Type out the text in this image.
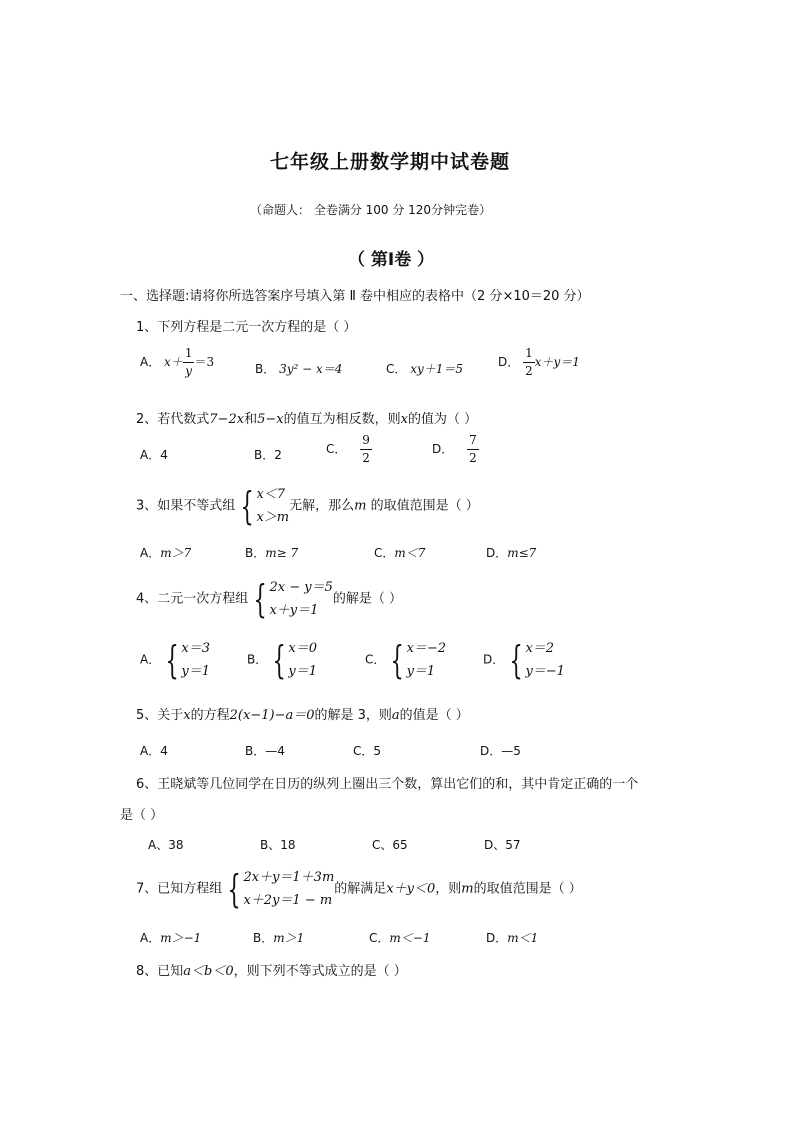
七年级上册数学期中试卷题
（命题人： 全卷满分 100 分 120分钟完卷）
（ 第Ⅰ卷 ）
一、选择题:请将你所选答案序号填入第 Ⅱ 卷中相应的表格中（2 分×10＝20 分）
1、下列方程是二元一次方程的是（ ）
A． $x+ \frac{1}{y} =3$	B． 3y² − x＝4	C． xy＋1＝5	D． $\frac{1}{2} x+y=1$
2、若代数式7−2x和5−x的值互为相反数，则x的值为（ ）
A．4	B．2	C． $\frac{9}{2}$	D． $\frac{7}{2}$
3、如果不等式组 { x＜7
x＞m
无解，那么m 的取值范围是（ ）
A．m＞7	B．m≥ 7	C．m＜7	D．m≤7
4、二元一次方程组 { 2x − y＝5
x＋y＝1
的解是（ ）
A． { x＝3
y＝1
B． { x＝0
y＝1
C． { x＝−2
y＝1
D． { x＝2
y＝−1
5、关于x的方程2(x−1)−a＝0的解是 3，则a的值是（ ）
A．4	B．—4	C．5	D．—5
6、王晓斌等几位同学在日历的纵列上圈出三个数，算出它们的和，其中肯定正确的一个
是（ ）
A、38	B、18	C、65	D、57
7、已知方程组 { 2x＋y＝1＋3m
x＋2y＝1 − m
的解满足x＋y＜0，则m的取值范围是（ ）
A．m＞−1	B．m＞1	C．m＜−1	D．m＜1
8、已知a＜b＜0，则下列不等式成立的是（ ）
